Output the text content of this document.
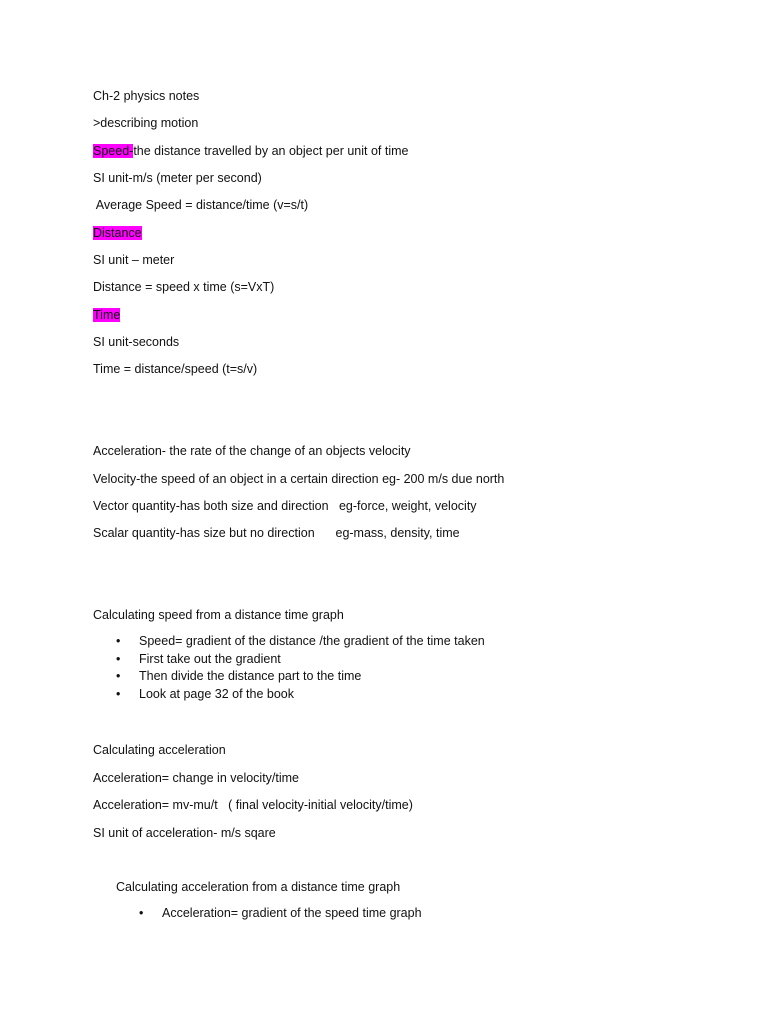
Ch-2 physics notes
>describing motion
Speed-the distance travelled by an object per unit of time
SI unit-m/s (meter per second)
Average Speed = distance/time (v=s/t)
Distance
SI unit – meter
Distance = speed x time (s=VxT)
Time
SI unit-seconds
Time = distance/speed (t=s/v)
Acceleration- the rate of the change of an objects velocity
Velocity-the speed of an object in a certain direction eg- 200 m/s due north
Vector quantity-has both size and direction   eg-force, weight, velocity
Scalar quantity-has size but no direction      eg-mass, density, time
Calculating speed from a distance time graph
•	Speed= gradient of the distance /the gradient of the time taken
•	First take out the gradient
•	Then divide the distance part to the time
•	Look at page 32 of the book
Calculating acceleration
Acceleration= change in velocity/time
Acceleration= mv-mu/t   ( final velocity-initial velocity/time)
SI unit of acceleration- m/s sqare
Calculating acceleration from a distance time graph
•	Acceleration= gradient of the speed time graph
